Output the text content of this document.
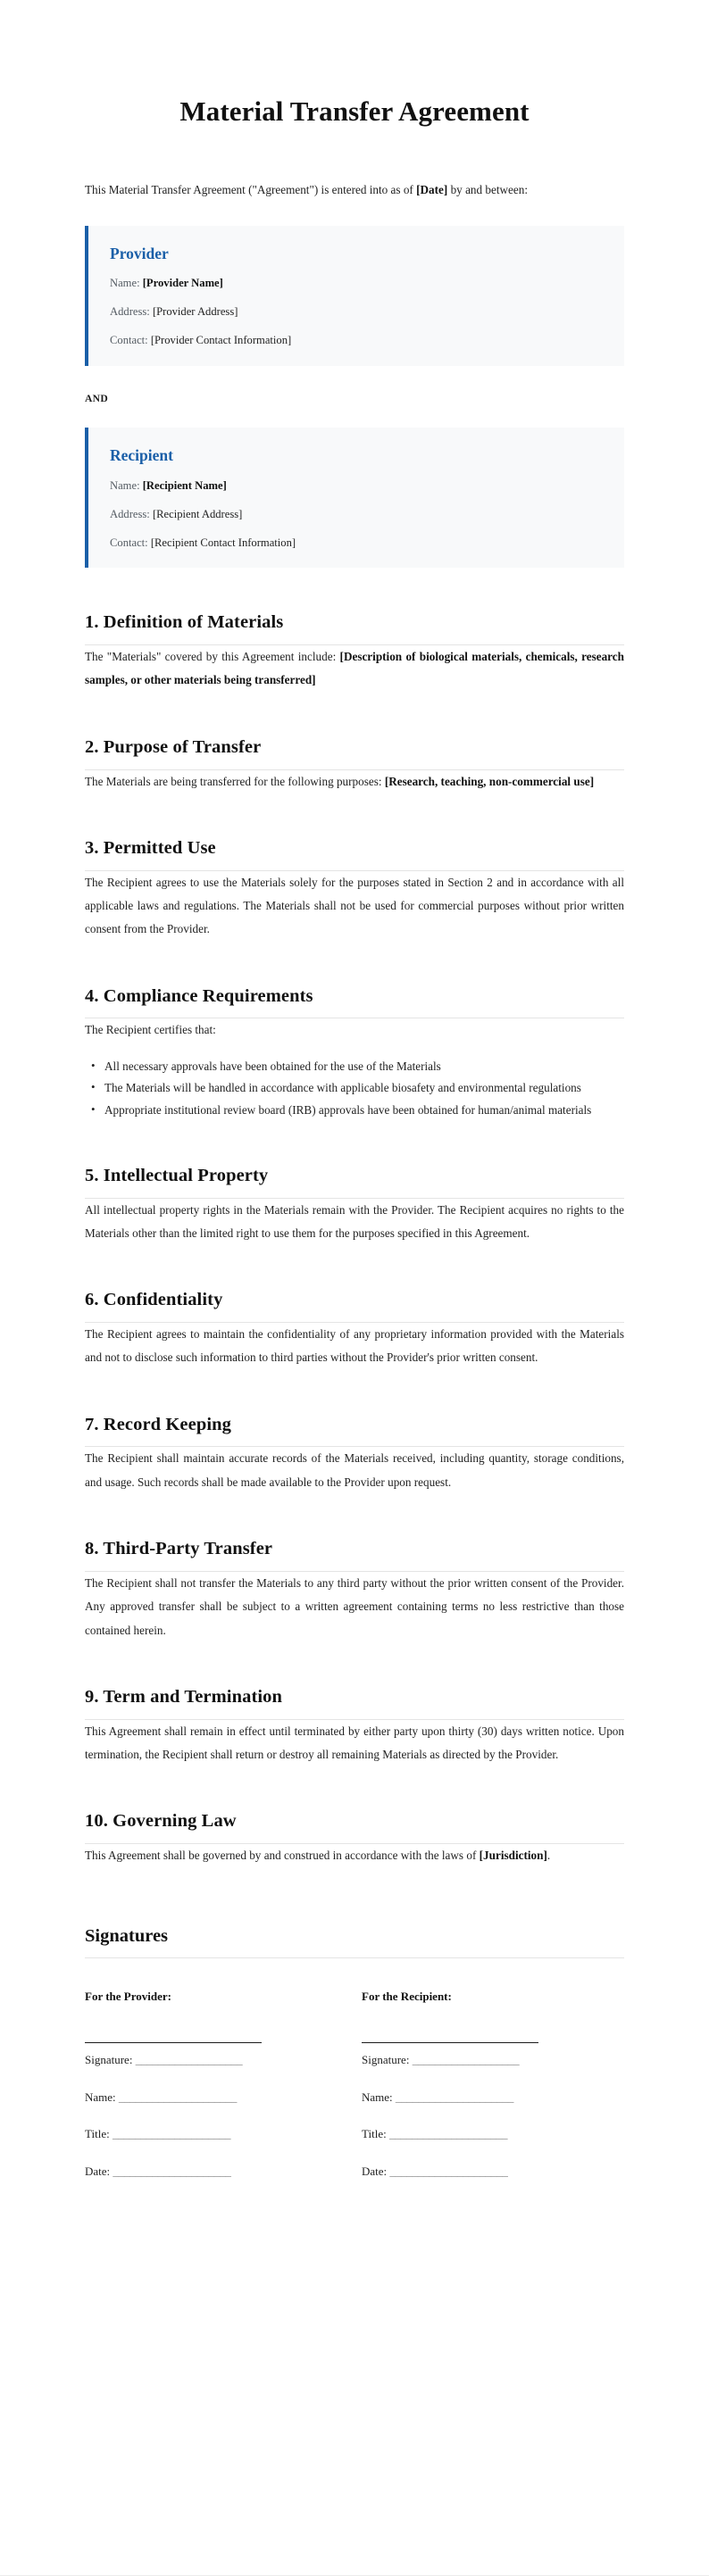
Material Transfer Agreement

This Material Transfer Agreement ("Agreement") is entered into as of [Date] by and between:

Provider
Name: [Provider Name]
Address: [Provider Address]
Contact: [Provider Contact Information]
AND
Recipient
Name: [Recipient Name]
Address: [Recipient Address]
Contact: [Recipient Contact Information]
1. Definition of Materials

The "Materials" covered by this Agreement include: [Description of biological materials, chemicals, research samples, or other materials being transferred]

2. Purpose of Transfer

The Materials are being transferred for the following purposes: [Research, teaching, non-commercial use]

3. Permitted Use

The Recipient agrees to use the Materials solely for the purposes stated in Section 2 and in accordance with all applicable laws and regulations. The Materials shall not be used for commercial purposes without prior written consent from the Provider.

4. Compliance Requirements

The Recipient certifies that:

• All necessary approvals have been obtained for the use of the Materials
• The Materials will be handled in accordance with applicable biosafety and environmental regulations
• Appropriate institutional review board (IRB) approvals have been obtained for human/animal materials
5. Intellectual Property

All intellectual property rights in the Materials remain with the Provider. The Recipient acquires no rights to the Materials other than the limited right to use them for the purposes specified in this Agreement.

6. Confidentiality

The Recipient agrees to maintain the confidentiality of any proprietary information provided with the Materials and not to disclose such information to third parties without the Provider's prior written consent.

7. Record Keeping

The Recipient shall maintain accurate records of the Materials received, including quantity, storage conditions, and usage. Such records shall be made available to the Provider upon request.

8. Third-Party Transfer

The Recipient shall not transfer the Materials to any third party without the prior written consent of the Provider. Any approved transfer shall be subject to a written agreement containing terms no less restrictive than those contained herein.

9. Term and Termination

This Agreement shall remain in effect until terminated by either party upon thirty (30) days written notice. Upon termination, the Recipient shall return or destroy all remaining Materials as directed by the Provider.

10. Governing Law

This Agreement shall be governed by and construed in accordance with the laws of [Jurisdiction].

Signatures
For the Provider:
Signature: ___________________
Name: _____________________
Title: _____________________
Date: _____________________
For the Recipient:
Signature: ___________________
Name: _____________________
Title: _____________________
Date: _____________________
